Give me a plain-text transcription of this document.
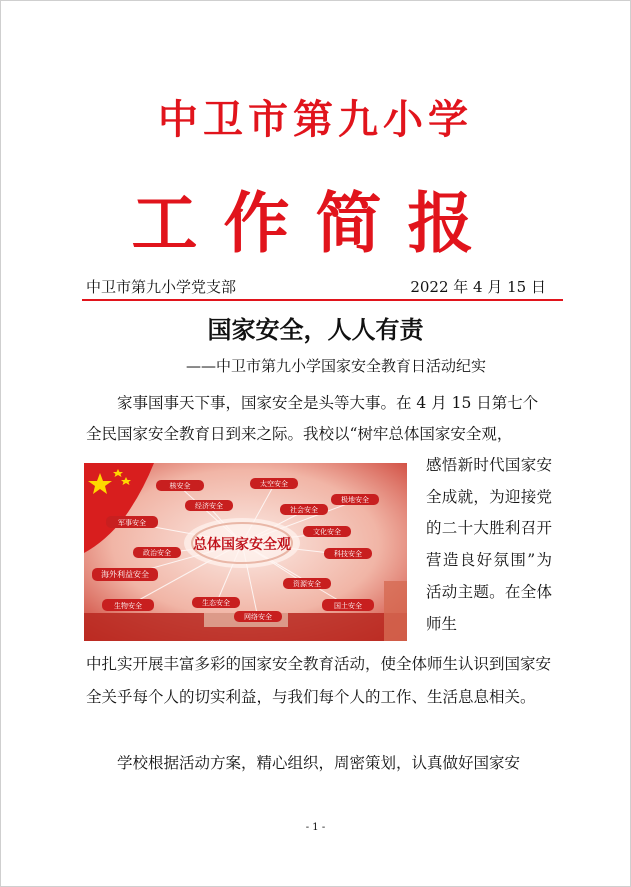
中卫市第九小学
工作简报
中卫市第九小学党支部	2022 年 4 月 15 日
国家安全，人人有责
——中卫市第九小学国家安全教育日活动纪实
家事国事天下事，国家安全是头等大事。在 4 月 15 日第七个全民国家安全教育日到来之际。我校以“树牢总体国家安全观，
总体国家安全观
核安全	太空安全
极地安全
经济安全	社会安全
军事安全
文化安全
政治安全	科技安全
海外利益安全
资源安全
生物安全	生态安全	国土安全
网络安全
感悟新时代国家安全成就，为迎接党的二十大胜利召开营造良好氛围”为活动主题。在全体师生
中扎实开展丰富多彩的国家安全教育活动，使全体师生认识到国家安全关乎每个人的切实利益，与我们每个人的工作、生活息息相关。
学校根据活动方案，精心组织，周密策划，认真做好国家安
- 1 -
